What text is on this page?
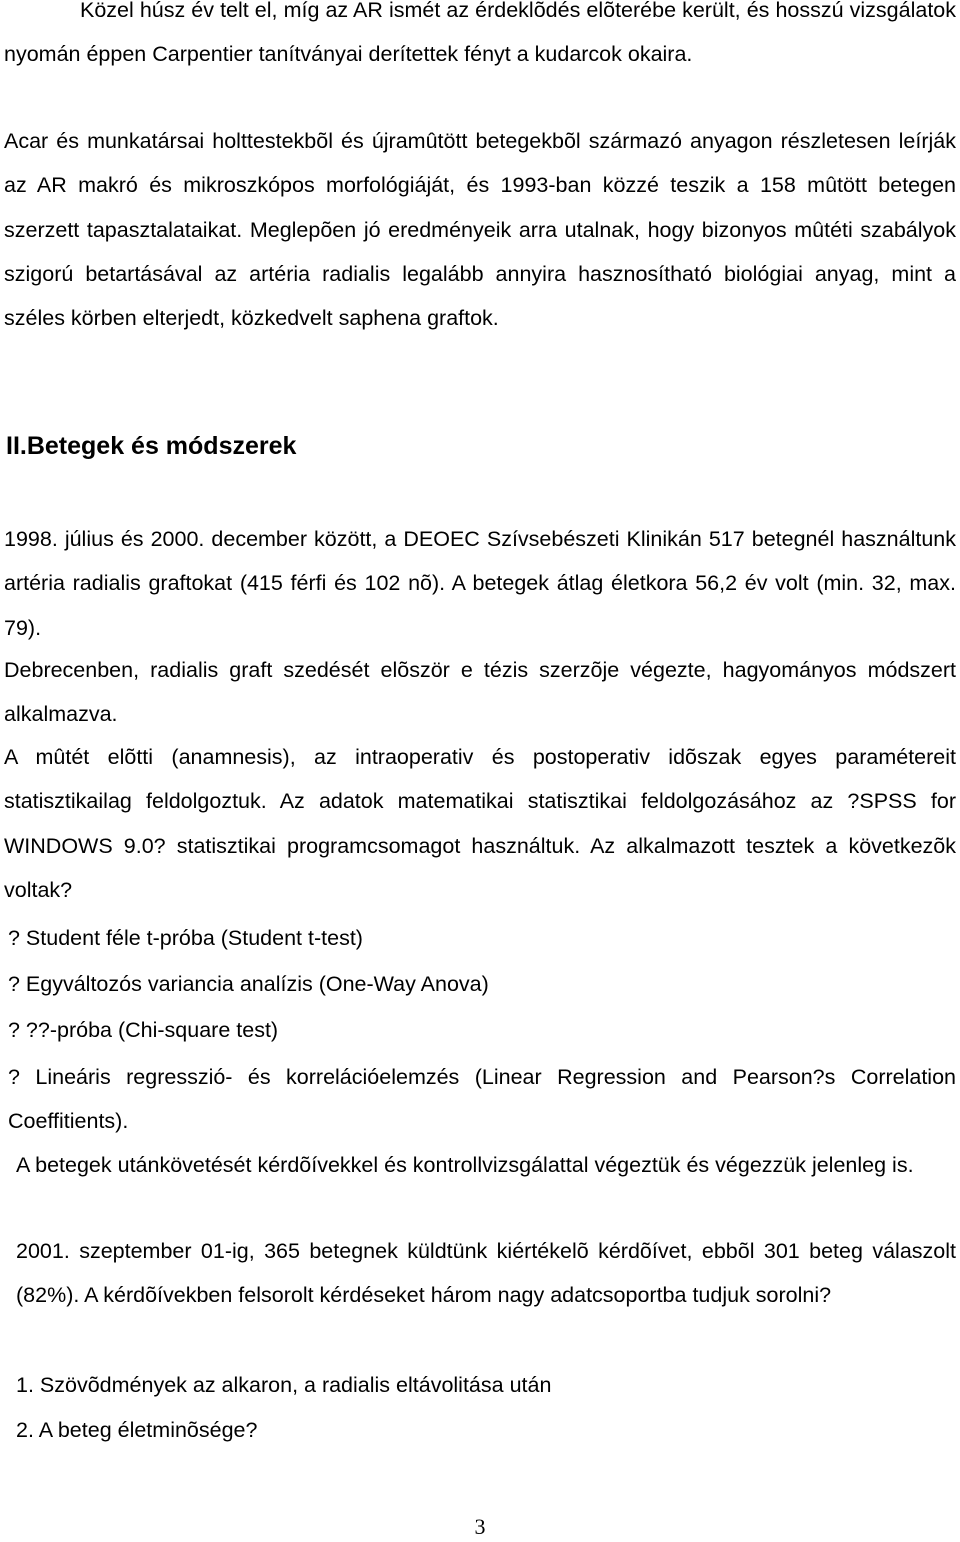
Közel húsz év telt el, míg az AR ismét az érdeklõdés elõterébe került, és hosszú vizsgálatok nyomán éppen Carpentier tanítványai derítettek fényt a kudarcok okaira.

Acar és munkatársai holttestekbõl és újramûtött betegekbõl származó anyagon részletesen leírják az AR makró és mikroszkópos morfológiáját, és 1993-ban közzé teszik a 158 mûtött betegen szerzett tapasztalataikat. Meglepõen jó eredményeik arra utalnak, hogy bizonyos mûtéti szabályok szigorú betartásával az artéria radialis legalább annyira hasznosítható biológiai anyag, mint a széles körben elterjedt, közkedvelt saphena graftok.

II.Betegek és módszerek

1998. július és 2000. december között, a DEOEC Szívsebészeti Klinikán 517 betegnél használtunk artéria radialis graftokat (415 férfi és 102 nõ). A betegek átlag életkora 56,2 év volt (min. 32, max. 79).

Debrecenben, radialis graft szedését elõször e tézis szerzõje végezte, hagyományos módszert alkalmazva.

A mûtét elõtti (anamnesis), az intraoperativ és postoperativ idõszak egyes paramétereit statisztikailag feldolgoztuk. Az adatok matematikai statisztikai feldolgozásához az ?SPSS for WINDOWS 9.0? statisztikai programcsomagot használtuk. Az alkalmazott tesztek a következõk voltak?

? Student féle t-próba (Student t-test)

? Egyváltozós variancia analízis (One-Way Anova)

? ??-próba (Chi-square test)

? Lineáris regresszió- és korrelációelemzés (Linear Regression and Pearson?s Correlation Coeffitients).

A betegek utánkövetését kérdõívekkel és kontrollvizsgálattal végeztük és végezzük jelenleg is.

2001. szeptember 01-ig, 365 betegnek küldtünk kiértékelõ kérdõívet, ebbõl 301 beteg válaszolt (82%). A kérdõívekben felsorolt kérdéseket három nagy adatcsoportba tudjuk sorolni?

1. Szövõdmények az alkaron, a radialis eltávolitása után

2. A beteg életminõsége?

3
